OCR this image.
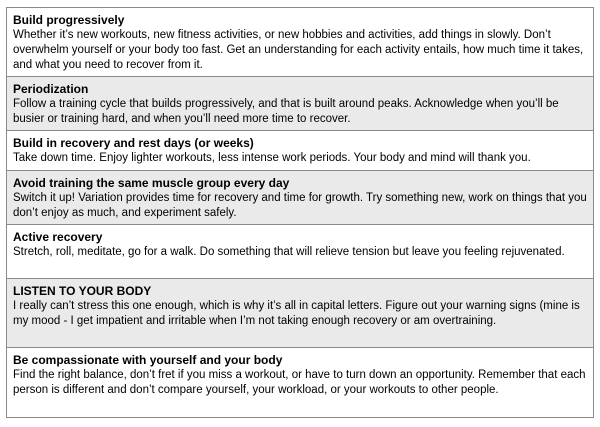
Build progressively
Whether it’s new workouts, new fitness activities, or new hobbies and activities, add things in slowly. Don’t overwhelm yourself or your body too fast. Get an understanding for each activity entails, how much time it takes, and what you need to recover from it.
Periodization
Follow a training cycle that builds progressively, and that is built around peaks. Acknowledge when you’ll be busier or training hard, and when you’ll need more time to recover.
Build in recovery and rest days (or weeks)
Take down time. Enjoy lighter workouts, less intense work periods. Your body and mind will thank you.
Avoid training the same muscle group every day
Switch it up! Variation provides time for recovery and time for growth. Try something new, work on things that you don’t enjoy as much, and experiment safely.
Active recovery
Stretch, roll, meditate, go for a walk. Do something that will relieve tension but leave you feeling rejuvenated.
LISTEN TO YOUR BODY
I really can’t stress this one enough, which is why it’s all in capital letters. Figure out your warning signs (mine is my mood - I get impatient and irritable when I’m not taking enough recovery or am overtraining.
Be compassionate with yourself and your body
Find the right balance, don’t fret if you miss a workout, or have to turn down an opportunity. Remember that each person is different and don’t compare yourself, your workload, or your workouts to other people.
